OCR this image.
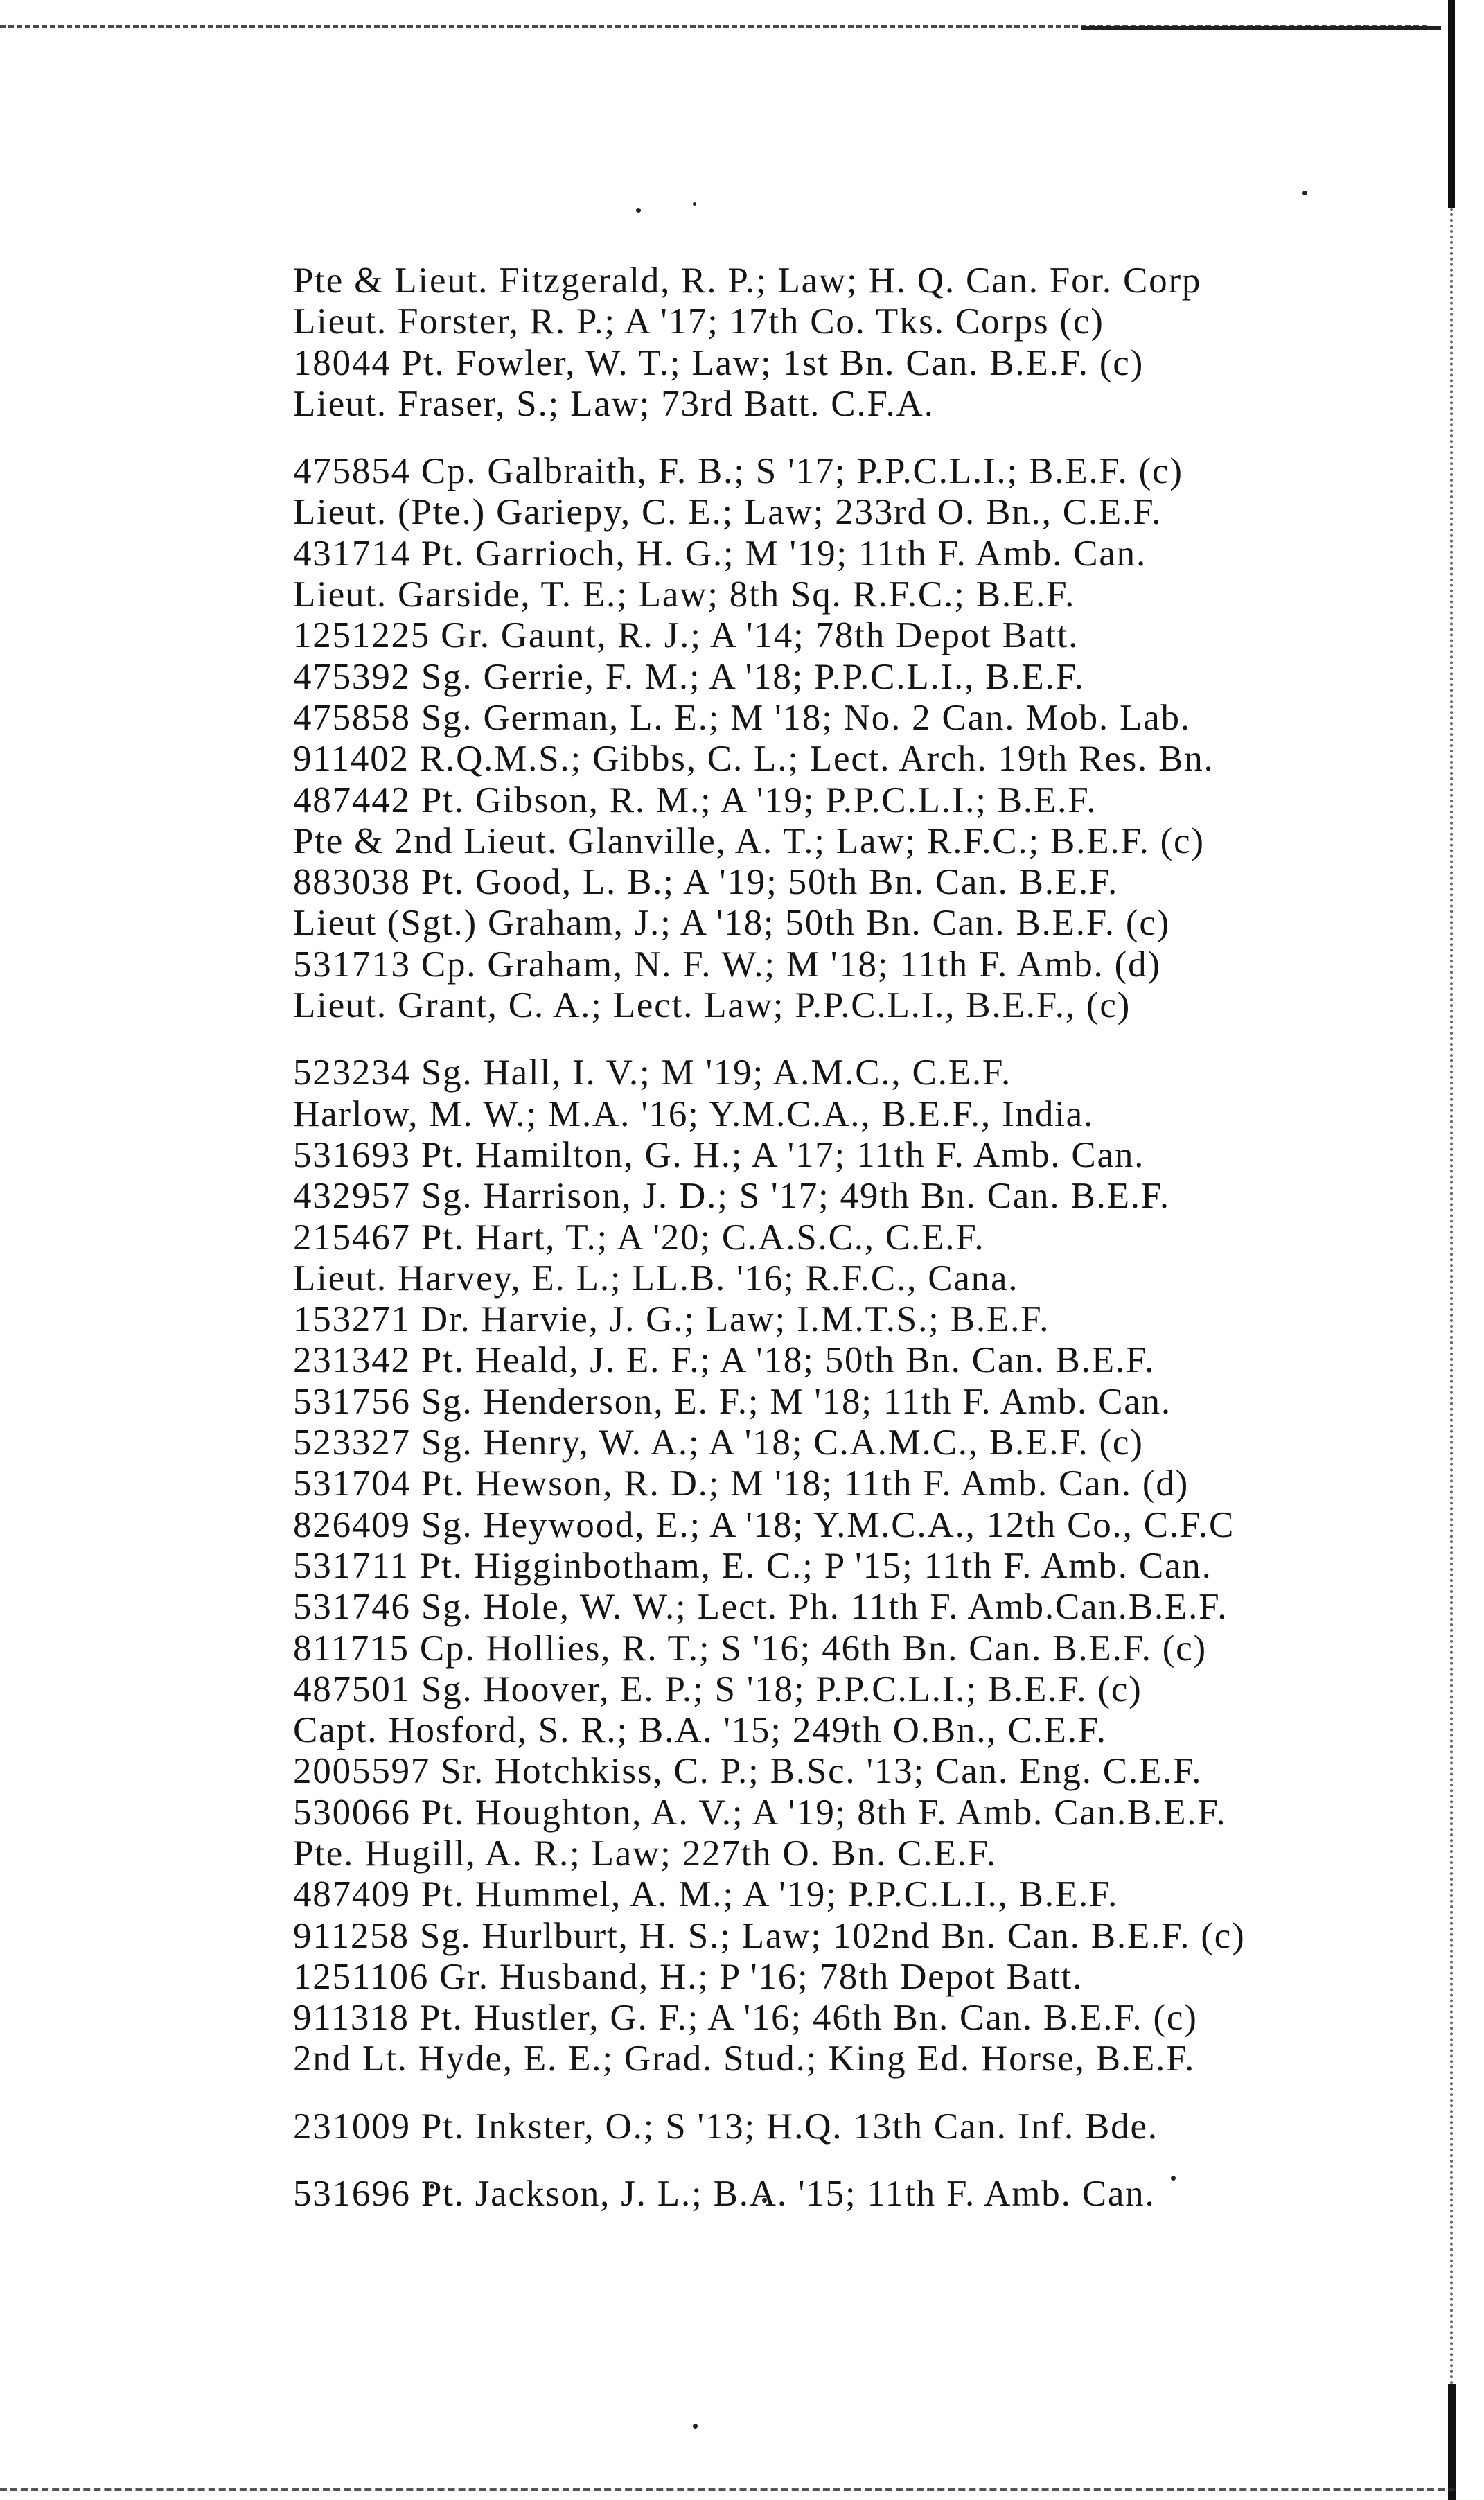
Pte & Lieut. Fitzgerald, R. P.; Law; H. Q. Can. For. Corp
Lieut. Forster, R. P.; A '17; 17th Co. Tks. Corps (c)
18044 Pt. Fowler, W. T.; Law; 1st Bn. Can. B.E.F. (c)
Lieut. Fraser, S.; Law; 73rd Batt. C.F.A.
475854 Cp. Galbraith, F. B.; S '17; P.P.C.L.I.; B.E.F. (c)
Lieut. (Pte.) Gariepy, C. E.; Law; 233rd O. Bn., C.E.F.
431714 Pt. Garrioch, H. G.; M '19; 11th F. Amb. Can.
Lieut. Garside, T. E.; Law; 8th Sq. R.F.C.; B.E.F.
1251225 Gr. Gaunt, R. J.; A '14; 78th Depot Batt.
475392 Sg. Gerrie, F. M.; A '18; P.P.C.L.I., B.E.F.
475858 Sg. German, L. E.; M '18; No. 2 Can. Mob. Lab.
911402 R.Q.M.S.; Gibbs, C. L.; Lect. Arch. 19th Res. Bn.
487442 Pt. Gibson, R. M.; A '19; P.P.C.L.I.; B.E.F.
Pte & 2nd Lieut. Glanville, A. T.; Law; R.F.C.; B.E.F. (c)
883038 Pt. Good, L. B.; A '19; 50th Bn. Can. B.E.F.
Lieut (Sgt.) Graham, J.; A '18; 50th Bn. Can. B.E.F. (c)
531713 Cp. Graham, N. F. W.; M '18; 11th F. Amb. (d)
Lieut. Grant, C. A.; Lect. Law; P.P.C.L.I., B.E.F., (c)
523234 Sg. Hall, I. V.; M '19; A.M.C., C.E.F.
Harlow, M. W.; M.A. '16; Y.M.C.A., B.E.F., India.
531693 Pt. Hamilton, G. H.; A '17; 11th F. Amb. Can.
432957 Sg. Harrison, J. D.; S '17; 49th Bn. Can. B.E.F.
215467 Pt. Hart, T.; A '20; C.A.S.C., C.E.F.
Lieut. Harvey, E. L.; LL.B. '16; R.F.C., Cana.
153271 Dr. Harvie, J. G.; Law; I.M.T.S.; B.E.F.
231342 Pt. Heald, J. E. F.; A '18; 50th Bn. Can. B.E.F.
531756 Sg. Henderson, E. F.; M '18; 11th F. Amb. Can.
523327 Sg. Henry, W. A.; A '18; C.A.M.C., B.E.F. (c)
531704 Pt. Hewson, R. D.; M '18; 11th F. Amb. Can. (d)
826409 Sg. Heywood, E.; A '18; Y.M.C.A., 12th Co., C.F.C
531711 Pt. Higginbotham, E. C.; P '15; 11th F. Amb. Can.
531746 Sg. Hole, W. W.; Lect. Ph. 11th F. Amb.Can.B.E.F.
811715 Cp. Hollies, R. T.; S '16; 46th Bn. Can. B.E.F. (c)
487501 Sg. Hoover, E. P.; S '18; P.P.C.L.I.; B.E.F. (c)
Capt. Hosford, S. R.; B.A. '15; 249th O.Bn., C.E.F.
2005597 Sr. Hotchkiss, C. P.; B.Sc. '13; Can. Eng. C.E.F.
530066 Pt. Houghton, A. V.; A '19; 8th F. Amb. Can.B.E.F.
Pte. Hugill, A. R.; Law; 227th O. Bn. C.E.F.
487409 Pt. Hummel, A. M.; A '19; P.P.C.L.I., B.E.F.
911258 Sg. Hurlburt, H. S.; Law; 102nd Bn. Can. B.E.F. (c)
1251106 Gr. Husband, H.; P '16; 78th Depot Batt.
911318 Pt. Hustler, G. F.; A '16; 46th Bn. Can. B.E.F. (c)
2nd Lt. Hyde, E. E.; Grad. Stud.; King Ed. Horse, B.E.F.
231009 Pt. Inkster, O.; S '13; H.Q. 13th Can. Inf. Bde.
531696 Pt. Jackson, J. L.; B.A. '15; 11th F. Amb. Can.
